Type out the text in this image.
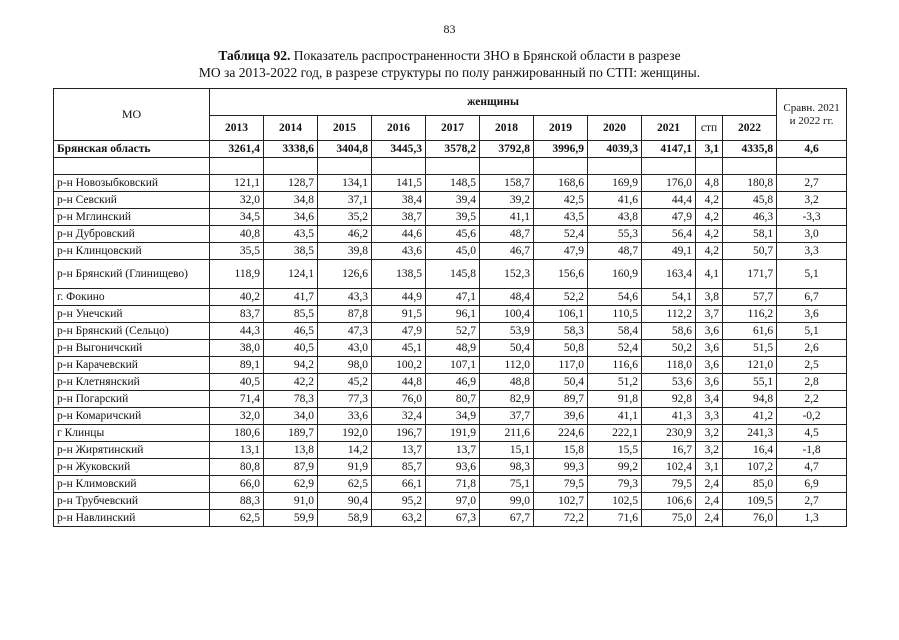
83
Таблица 92. Показатель распространенности ЗНО в Брянской области в разрезе
МО за 2013-2022 год, в разрезе структуры по полу ранжированный по СТП: женщины.
МО	женщины											Сравн. 2021 и 2022 гг.
	2013	2014	2015	2016	2017	2018	2019	2020	2021	стп	2022	
Брянская область	3261,4	3338,6	3404,8	3445,3	3578,2	3792,8	3996,9	4039,3	4147,1	3,1	4335,8	4,6

р-н Новозыбковский	121,1	128,7	134,1	141,5	148,5	158,7	168,6	169,9	176,0	4,8	180,8	2,7
р-н Севский	32,0	34,8	37,1	38,4	39,4	39,2	42,5	41,6	44,4	4,2	45,8	3,2
р-н Мглинский	34,5	34,6	35,2	38,7	39,5	41,1	43,5	43,8	47,9	4,2	46,3	-3,3
р-н Дубровский	40,8	43,5	46,2	44,6	45,6	48,7	52,4	55,3	56,4	4,2	58,1	3,0
р-н Клинцовский	35,5	38,5	39,8	43,6	45,0	46,7	47,9	48,7	49,1	4,2	50,7	3,3
р-н Брянский (Глинищево)	118,9	124,1	126,6	138,5	145,8	152,3	156,6	160,9	163,4	4,1	171,7	5,1
г. Фокино	40,2	41,7	43,3	44,9	47,1	48,4	52,2	54,6	54,1	3,8	57,7	6,7
р-н Унечский	83,7	85,5	87,8	91,5	96,1	100,4	106,1	110,5	112,2	3,7	116,2	3,6
р-н Брянский (Сельцо)	44,3	46,5	47,3	47,9	52,7	53,9	58,3	58,4	58,6	3,6	61,6	5,1
р-н Выгоничский	38,0	40,5	43,0	45,1	48,9	50,4	50,8	52,4	50,2	3,6	51,5	2,6
р-н Карачевский	89,1	94,2	98,0	100,2	107,1	112,0	117,0	116,6	118,0	3,6	121,0	2,5
р-н Клетнянский	40,5	42,2	45,2	44,8	46,9	48,8	50,4	51,2	53,6	3,6	55,1	2,8
р-н Погарский	71,4	78,3	77,3	76,0	80,7	82,9	89,7	91,8	92,8	3,4	94,8	2,2
р-н Комаричский	32,0	34,0	33,6	32,4	34,9	37,7	39,6	41,1	41,3	3,3	41,2	-0,2
г Клинцы	180,6	189,7	192,0	196,7	191,9	211,6	224,6	222,1	230,9	3,2	241,3	4,5
р-н Жирятинский	13,1	13,8	14,2	13,7	13,7	15,1	15,8	15,5	16,7	3,2	16,4	-1,8
р-н Жуковский	80,8	87,9	91,9	85,7	93,6	98,3	99,3	99,2	102,4	3,1	107,2	4,7
р-н Климовский	66,0	62,9	62,5	66,1	71,8	75,1	79,5	79,3	79,5	2,4	85,0	6,9
р-н Трубчевский	88,3	91,0	90,4	95,2	97,0	99,0	102,7	102,5	106,6	2,4	109,5	2,7
р-н Навлинский	62,5	59,9	58,9	63,2	67,3	67,7	72,2	71,6	75,0	2,4	76,0	1,3
